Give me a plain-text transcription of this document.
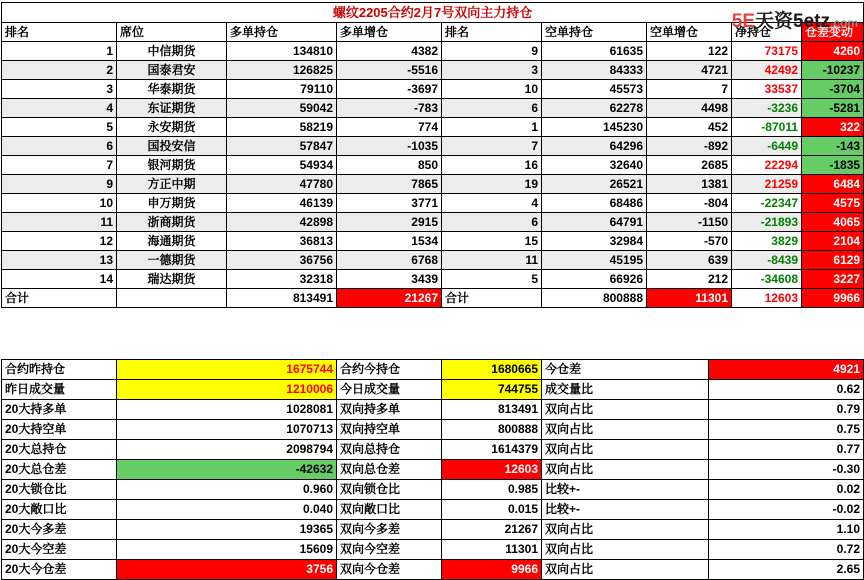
5E天资5etz.com
螺纹2205合约2月7号双向主力持仓								
排名	席位	多单持仓	多单增仓	排名	空单持仓	空单增仓	净持仓	仓差变动
1	中信期货	134810	4382	9	61635	122	73175	4260
2	国泰君安	126825	-5516	3	84333	4721	42492	-10237
3	华泰期货	79110	-3697	10	45573	7	33537	-3704
4	东证期货	59042	-783	6	62278	4498	-3236	-5281
5	永安期货	58219	774	1	145230	452	-87011	322
6	国投安信	57847	-1035	7	64296	-892	-6449	-143
7	银河期货	54934	850	16	32640	2685	22294	-1835
9	方正中期	47780	7865	19	26521	1381	21259	6484
10	申万期货	46139	3771	4	68486	-804	-22347	4575
11	浙商期货	42898	2915	6	64791	-1150	-21893	4065
12	海通期货	36813	1534	15	32984	-570	3829	2104
13	一德期货	36756	6768	11	45195	639	-8439	6129
14	瑞达期货	32318	3439	5	66926	212	-34608	3227
合计		813491	21267	合计	800888	11301	12603	9966
合约昨持仓	1675744	合约今持仓	1680665	今仓差	4921
昨日成交量	1210006	今日成交量	744755	成交量比	0.62
20大持多单	1028081	双向持多单	813491	双向占比	0.79
20大持空单	1070713	双向持空单	800888	双向占比	0.75
20大总持仓	2098794	双向总持仓	1614379	双向占比	0.77
20大总仓差	-42632	双向总仓差	12603	双向占比	-0.30
20大锁仓比	0.960	双向锁仓比	0.985	比较+-	0.02
20大敞口比	0.040	双向敞口比	0.015	比较+-	-0.02
20大今多差	19365	双向今多差	21267	双向占比	1.10
20大今空差	15609	双向今空差	11301	双向占比	0.72
20大今仓差	3756	双向今仓差	9966	双向占比	2.65
